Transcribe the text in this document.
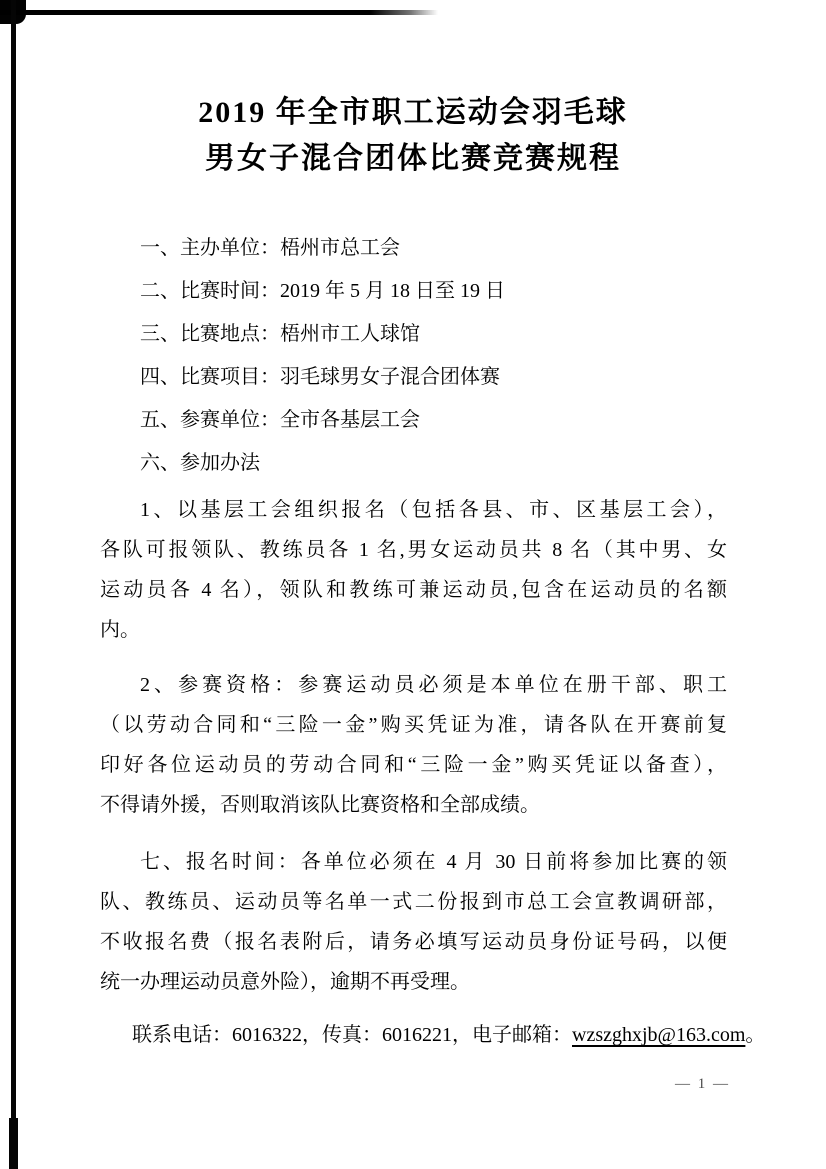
2019 年全市职工运动会羽毛球
男女子混合团体比赛竞赛规程
一、主办单位：梧州市总工会
二、比赛时间：2019 年 5 月 18 日至 19 日
三、比赛地点：梧州市工人球馆
四、比赛项目：羽毛球男女子混合团体赛
五、参赛单位：全市各基层工会
六、参加办法
1、以基层工会组织报名（包括各县、市、区基层工会），
各队可报领队、教练员各 1 名,男女运动员共 8 名（其中男、女
运动员各 4 名），领队和教练可兼运动员,包含在运动员的名额
内。
2、参赛资格：参赛运动员必须是本单位在册干部、职工
（以劳动合同和“三险一金”购买凭证为准，请各队在开赛前复
印好各位运动员的劳动合同和“三险一金”购买凭证以备查），
不得请外援，否则取消该队比赛资格和全部成绩。
七、报名时间：各单位必须在 4 月 30 日前将参加比赛的领
队、教练员、运动员等名单一式二份报到市总工会宣教调研部，
不收报名费（报名表附后，请务必填写运动员身份证号码，以便
统一办理运动员意外险），逾期不再受理。
联系电话：6016322，传真：6016221，电子邮箱：wzszghxjb@163.com。
— 1 —
